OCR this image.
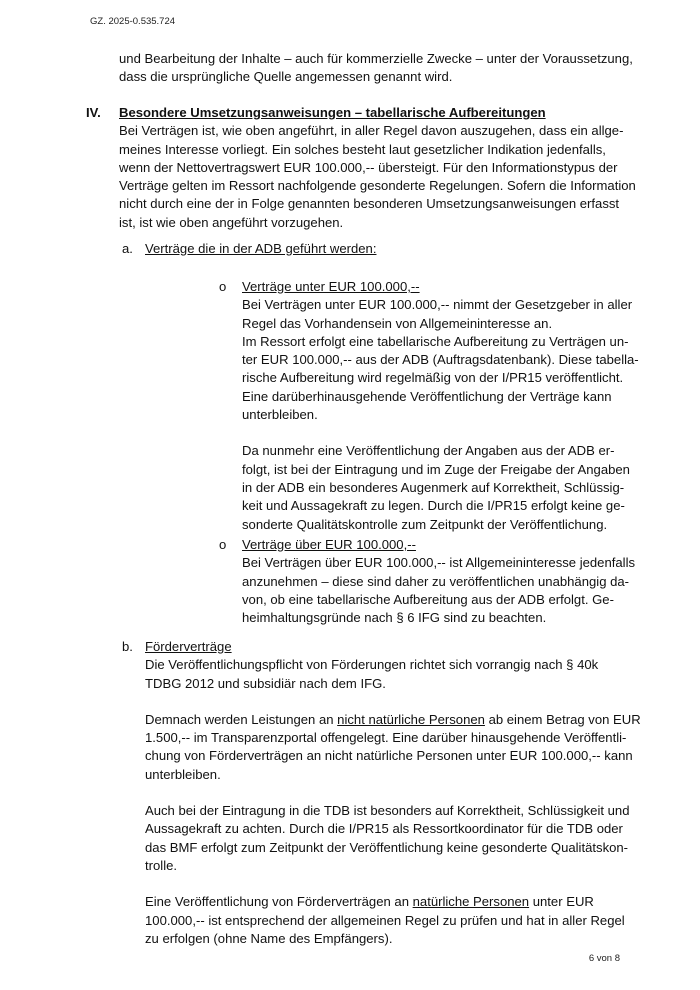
GZ. 2025-0.535.724

und Bearbeitung der Inhalte – auch für kommerzielle Zwecke – unter der Voraussetzung,

dass die ursprüngliche Quelle angemessen genannt wird.

IV. Besondere Umsetzungsanweisungen – tabellarische Aufbereitungen

Bei Verträgen ist, wie oben angeführt, in aller Regel davon auszugehen, dass ein allge-

meines Interesse vorliegt. Ein solches besteht laut gesetzlicher Indikation jedenfalls,

wenn der Nettovertragswert EUR 100.000,-- übersteigt. Für den Informationstypus der

Verträge gelten im Ressort nachfolgende gesonderte Regelungen. Sofern die Information

nicht durch eine der in Folge genannten besonderen Umsetzungsanweisungen erfasst

ist, ist wie oben angeführt vorzugehen.

a. Verträge die in der ADB geführt werden:
o Verträge unter EUR 100.000,--

Bei Verträgen unter EUR 100.000,-- nimmt der Gesetzgeber in aller

Regel das Vorhandensein von Allgemeininteresse an.

Im Ressort erfolgt eine tabellarische Aufbereitung zu Verträgen un-

ter EUR 100.000,-- aus der ADB (Auftragsdatenbank). Diese tabella-

rische Aufbereitung wird regelmäßig von der I/PR15 veröffentlicht.

Eine darüberhinausgehende Veröffentlichung der Verträge kann

unterbleiben.

Da nunmehr eine Veröffentlichung der Angaben aus der ADB er-

folgt, ist bei der Eintragung und im Zuge der Freigabe der Angaben

in der ADB ein besonderes Augenmerk auf Korrektheit, Schlüssig-

keit und Aussagekraft zu legen. Durch die I/PR15 erfolgt keine ge-

sonderte Qualitätskontrolle zum Zeitpunkt der Veröffentlichung.

o Verträge über EUR 100.000,--

Bei Verträgen über EUR 100.000,-- ist Allgemeininteresse jedenfalls

anzunehmen – diese sind daher zu veröffentlichen unabhängig da-

von, ob eine tabellarische Aufbereitung aus der ADB erfolgt. Ge-

heimhaltungsgründe nach § 6 IFG sind zu beachten.

b. Förderverträge

Die Veröffentlichungspflicht von Förderungen richtet sich vorrangig nach § 40k

TDBG 2012 und subsidiär nach dem IFG.

Demnach werden Leistungen an nicht natürliche Personen ab einem Betrag von EUR

1.500,-- im Transparenzportal offengelegt. Eine darüber hinausgehende Veröffentli-

chung von Förderverträgen an nicht natürliche Personen unter EUR 100.000,-- kann

unterbleiben.

Auch bei der Eintragung in die TDB ist besonders auf Korrektheit, Schlüssigkeit und

Aussagekraft zu achten. Durch die I/PR15 als Ressortkoordinator für die TDB oder

das BMF erfolgt zum Zeitpunkt der Veröffentlichung keine gesonderte Qualitätskon-

trolle.

Eine Veröffentlichung von Förderverträgen an natürliche Personen unter EUR

100.000,-- ist entsprechend der allgemeinen Regel zu prüfen und hat in aller Regel

zu erfolgen (ohne Name des Empfängers).

6 von 8
